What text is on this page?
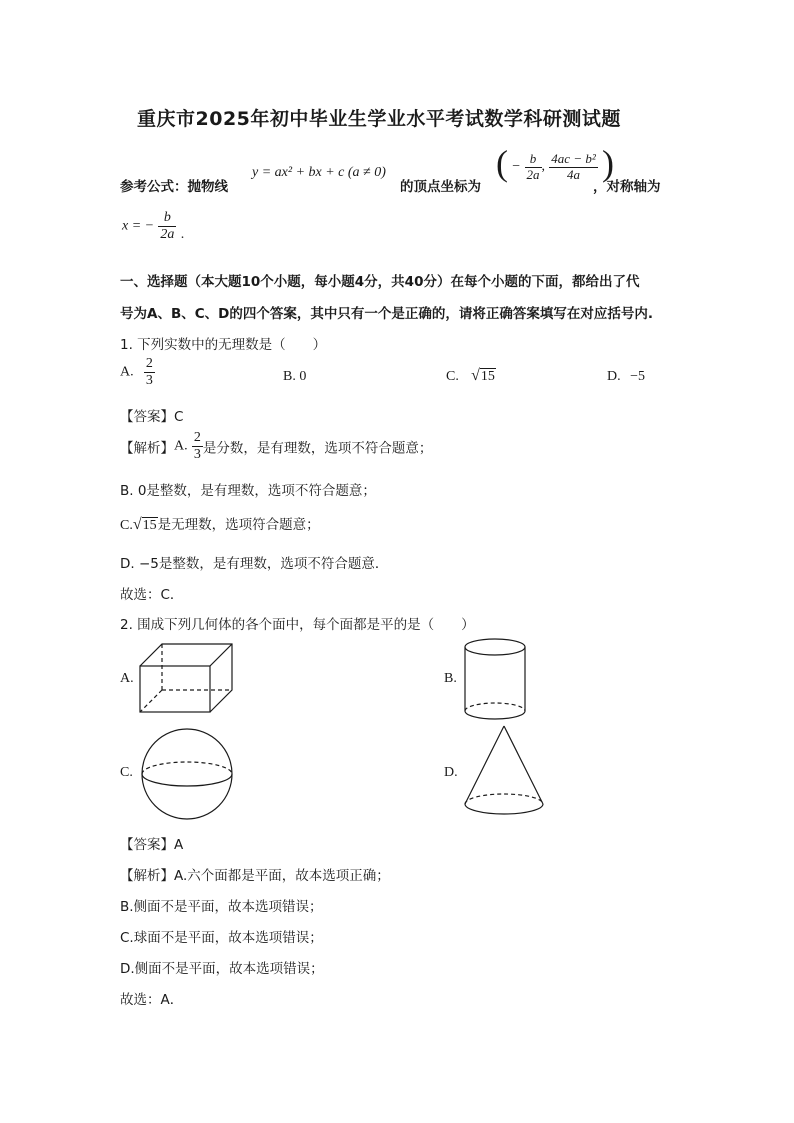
重庆市2025年初中毕业生学业水平考试数学科研测试题
参考公式：抛物线
y = ax² + bx + c (a ≠ 0)
的顶点坐标为
( − $\frac{b}{2a}$ , $\frac{\text{4ac − b²}}{4a}$ )
，对称轴为
x = − $\frac{b}{2a}$ .
一、选择题（本大题10个小题，每小题4分，共40分）在每个小题的下面，都给出了代
号为A、B、C、D的四个答案，其中只有一个是正确的，请将正确答案填写在对应括号内.
1. 下列实数中的无理数是（　　）
A. $\frac{2}{3}$	B. 0	C. √ 15	D. −5
【答案】C
【解析】A. $\frac{2}{3}$ 是分数，是有理数，选项不符合题意；
B. 0是整数，是有理数，选项不符合题意；
C. √ 15 是无理数，选项符合题意；
D. −5是整数，是有理数，选项不符合题意．
故选：C．
2. 围成下列几何体的各个面中，每个面都是平的是（　　）
A.	B.
C.	D.
【答案】A
【解析】A.六个面都是平面，故本选项正确；
B.侧面不是平面，故本选项错误；
C.球面不是平面，故本选项错误；
D.侧面不是平面，故本选项错误；
故选：A．
